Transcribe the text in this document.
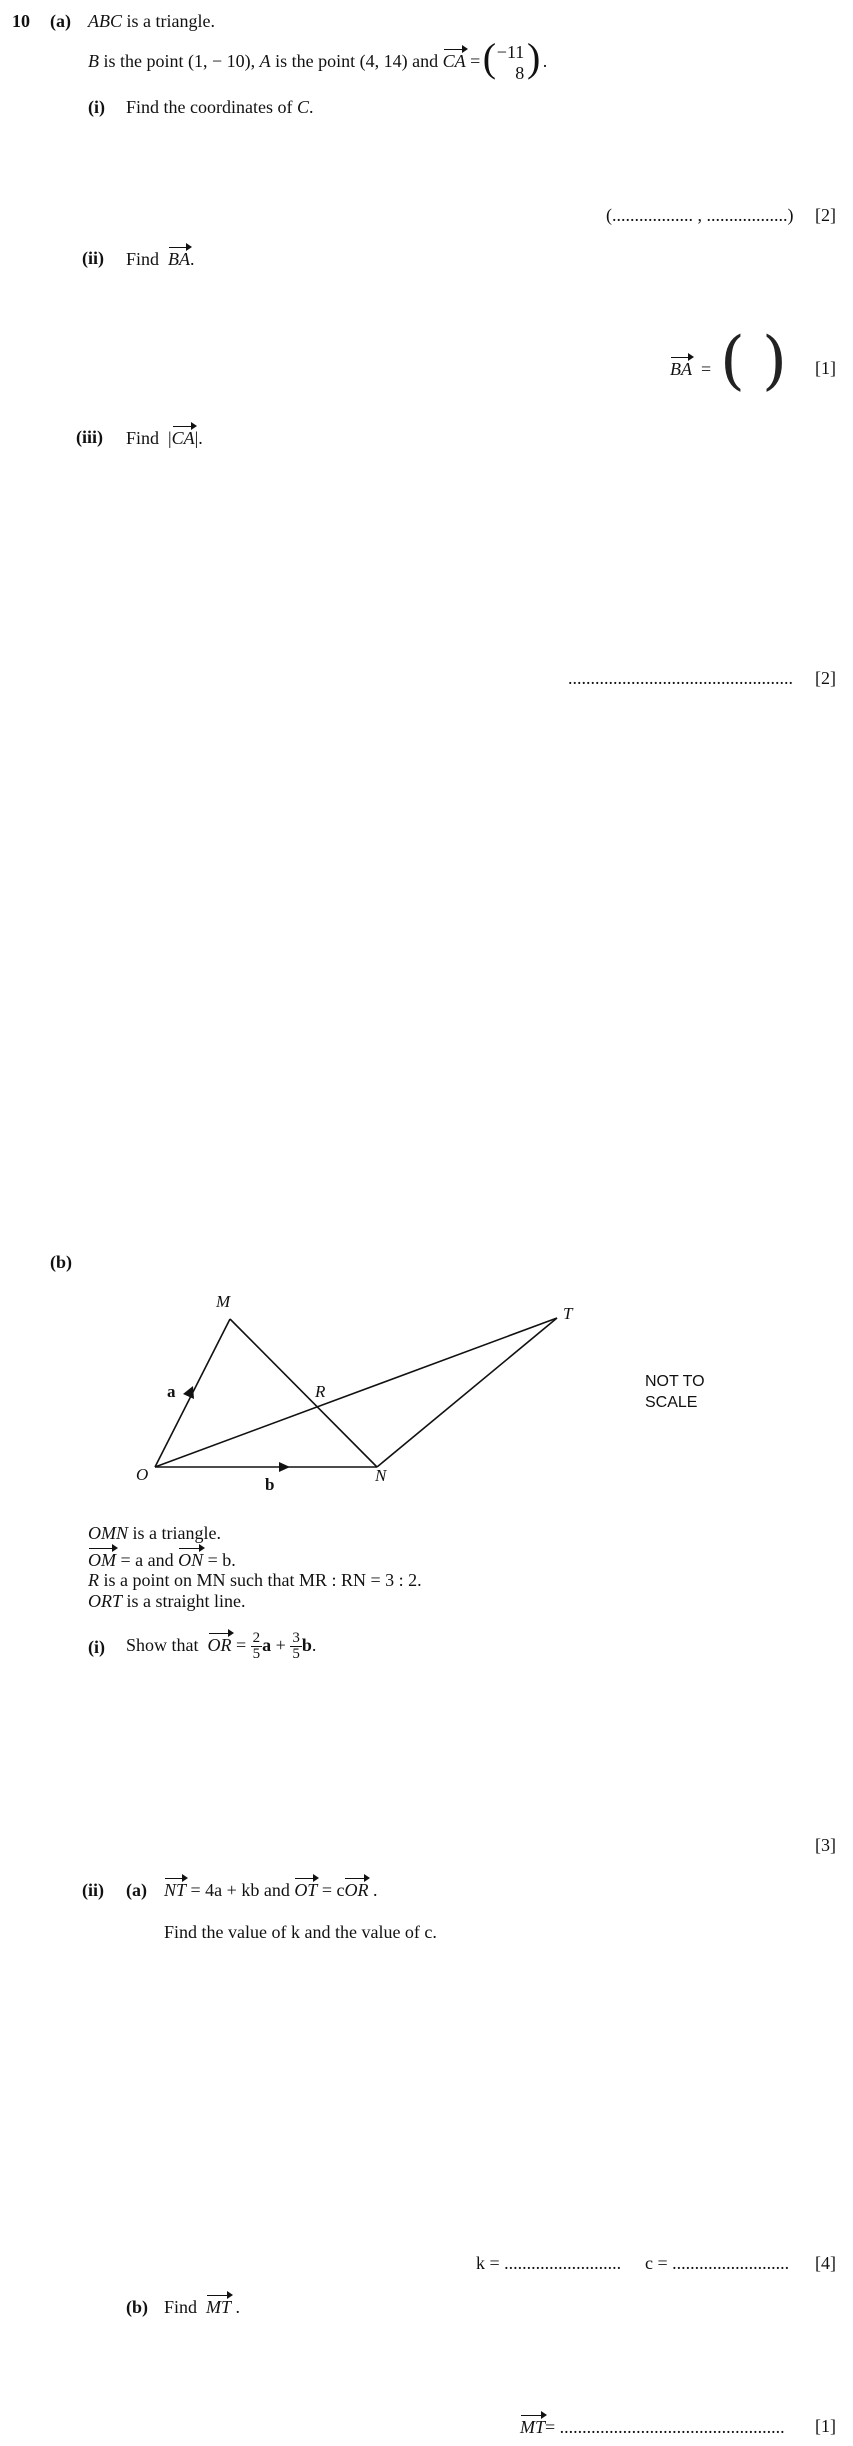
10 (a) ABC is a triangle.
B is the point (1, − 10), A is the point (4, 14) and CA = ( −11
8 ) .
(i) Find the coordinates of C.
(.................. , ..................) [2]
(ii) Find BA.
BA = ( ) [1]
(iii) Find  |CA|.
.................................................. [2]
(b)
M
T
R
O	N
a
b
NOT TO
SCALE
OMN is a triangle.
OM = a and ON = b.
R is a point on MN such that MR : RN = 3 : 2.
ORT is a straight line.
(i) Show that OR = $\frac{2}{5}$ $a + \frac{3}{5} b$.
[3]
(ii) (a) NT = 4a + kb and OT = cOR .
Find the value of k and the value of c.
k = .......................... c = .......................... [4]
(b) Find MT .
MT= .................................................. [1]
